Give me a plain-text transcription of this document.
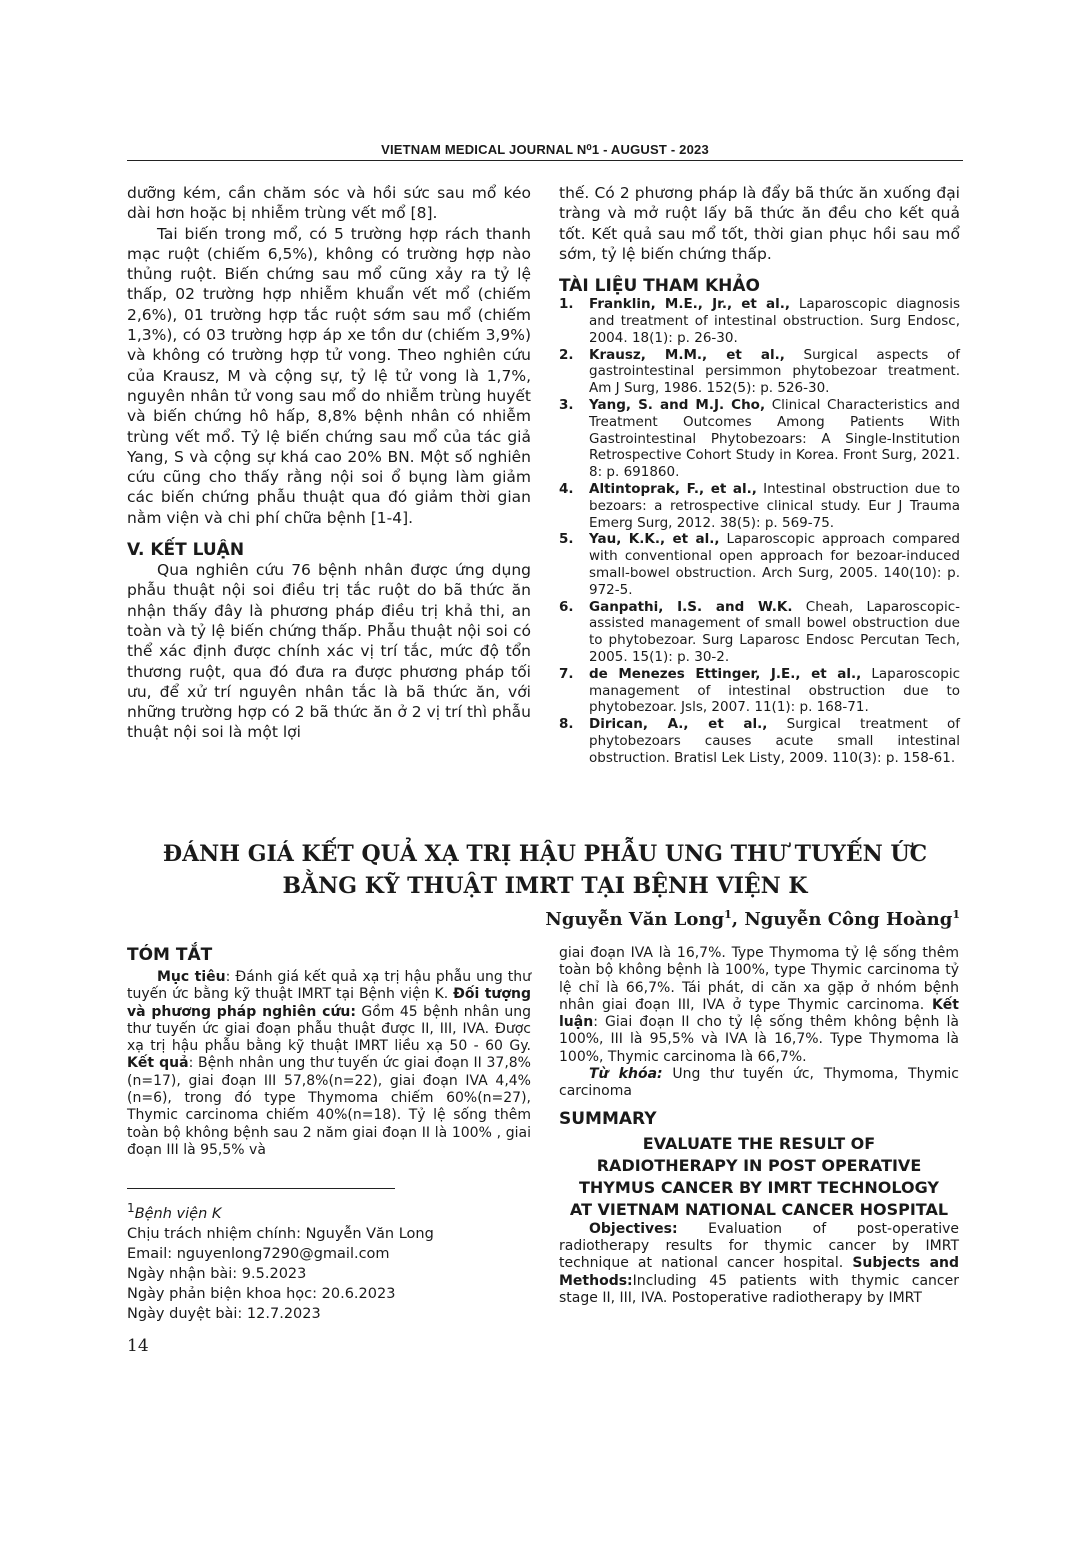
VIETNAM MEDICAL JOURNAL N⁰1 - AUGUST - 2023

dưỡng kém, cần chăm sóc và hồi sức sau mổ kéo dài hơn hoặc bị nhiễm trùng vết mổ [8].

Tai biến trong mổ, có 5 trường hợp rách thanh mạc ruột (chiếm 6,5%), không có trường hợp nào thủng ruột. Biến chứng sau mổ cũng xảy ra tỷ lệ thấp, 02 trường hợp nhiễm khuẩn vết mổ (chiếm 2,6%), 01 trường hợp tắc ruột sớm sau mổ (chiếm 1,3%), có 03 trường hợp áp xe tồn dư (chiếm 3,9%) và không có trường hợp tử vong. Theo nghiên cứu của Krausz, M và cộng sự, tỷ lệ tử vong là 1,7%, nguyên nhân tử vong sau mổ do nhiễm trùng huyết và biến chứng hô hấp, 8,8% bệnh nhân có nhiễm trùng vết mổ. Tỷ lệ biến chứng sau mổ của tác giả Yang, S và cộng sự khá cao 20% BN. Một số nghiên cứu cũng cho thấy rằng nội soi ổ bụng làm giảm các biến chứng phẫu thuật qua đó giảm thời gian nằm viện và chi phí chữa bệnh [1-4].

V. KẾT LUẬN

Qua nghiên cứu 76 bệnh nhân được ứng dụng phẫu thuật nội soi điều trị tắc ruột do bã thức ăn nhận thấy đây là phương pháp điều trị khả thi, an toàn và tỷ lệ biến chứng thấp. Phẫu thuật nội soi có thể xác định được chính xác vị trí tắc, mức độ tổn thương ruột, qua đó đưa ra được phương pháp tối ưu, để xử trí nguyên nhân tắc là bã thức ăn, với những trường hợp có 2 bã thức ăn ở 2 vị trí thì phẫu thuật nội soi là một lợi

thế. Có 2 phương pháp là đẩy bã thức ăn xuống đại tràng và mở ruột lấy bã thức ăn đều cho kết quả tốt. Kết quả sau mổ tốt, thời gian phục hồi sau mổ sớm, tỷ lệ biến chứng thấp.

TÀI LIỆU THAM KHẢO

1. Franklin, M.E., Jr., et al., Laparoscopic diagnosis and treatment of intestinal obstruction. Surg Endosc, 2004. 18(1): p. 26-30.

2. Krausz, M.M., et al., Surgical aspects of gastrointestinal persimmon phytobezoar treatment. Am J Surg, 1986. 152(5): p. 526-30.

3. Yang, S. and M.J. Cho, Clinical Characteristics and Treatment Outcomes Among Patients With Gastrointestinal Phytobezoars: A Single-Institution Retrospective Cohort Study in Korea. Front Surg, 2021. 8: p. 691860.

4. Altintoprak, F., et al., Intestinal obstruction due to bezoars: a retrospective clinical study. Eur J Trauma Emerg Surg, 2012. 38(5): p. 569-75.

5. Yau, K.K., et al., Laparoscopic approach compared with conventional open approach for bezoar-induced small-bowel obstruction. Arch Surg, 2005. 140(10): p. 972-5.

6. Ganpathi, I.S. and W.K. Cheah, Laparoscopic-assisted management of small bowel obstruction due to phytobezoar. Surg Laparosc Endosc Percutan Tech, 2005. 15(1): p. 30-2.

7. de Menezes Ettinger, J.E., et al., Laparoscopic management of intestinal obstruction due to phytobezoar. Jsls, 2007. 11(1): p. 168-71.

8. Dirican, A., et al., Surgical treatment of phytobezoars causes acute small intestinal obstruction. Bratisl Lek Listy, 2009. 110(3): p. 158-61.

ĐÁNH GIÁ KẾT QUẢ XẠ TRỊ HẬU PHẪU UNG THƯ TUYẾN ỨC
BẰNG KỸ THUẬT IMRT TẠI BỆNH VIỆN K
Nguyễn Văn Long$^1$, Nguyễn Công Hoàng$^1$
TÓM TẮT

Mục tiêu: Đánh giá kết quả xạ trị hậu phẫu ung thư tuyến ức bằng kỹ thuật IMRT tại Bệnh viện K. Đối tượng và phương pháp nghiên cứu: Gồm 45 bệnh nhân ung thư tuyến ức giai đoạn phẫu thuật được II, III, IVA. Được xạ trị hậu phẫu bằng kỹ thuật IMRT liều xạ 50 - 60 Gy. Kết quả: Bệnh nhân ung thư tuyến ức giai đoạn II 37,8%(n=17), giai đoạn III 57,8%(n=22), giai đoạn IVA 4,4%(n=6), trong đó type Thymoma chiếm 60%(n=27), Thymic carcinoma chiếm 40%(n=18). Tỷ lệ sống thêm toàn bộ không bệnh sau 2 năm giai đoạn II là 100% , giai đoạn III là 95,5% và

giai đoạn IVA là 16,7%. Type Thymoma tỷ lệ sống thêm toàn bộ không bệnh là 100%, type Thymic carcinoma tỷ lệ chỉ là 66,7%. Tái phát, di căn xa gặp ở nhóm bệnh nhân giai đoạn III, IVA ở type Thymic carcinoma. Kết luận: Giai đoạn II cho tỷ lệ sống thêm không bệnh là 100%, III là 95,5% và IVA là 16,7%. Type Thymoma là 100%, Thymic carcinoma là 66,7%.

Từ khóa: Ung thư tuyến ức, Thymoma, Thymic carcinoma

SUMMARY
EVALUATE THE RESULT OF
RADIOTHERAPY IN POST OPERATIVE
THYMUS CANCER BY IMRT TECHNOLOGY
AT VIETNAM NATIONAL CANCER HOSPITAL

Objectives: Evaluation of post-operative radiotherapy results for thymic cancer by IMRT technique at national cancer hospital. Subjects and Methods:Including 45 patients with thymic cancer stage II, III, IVA. Postoperative radiotherapy by IMRT

$^1$Bệnh viện K

Chịu trách nhiệm chính: Nguyễn Văn Long

Email: nguyenlong7290@gmail.com

Ngày nhận bài: 9.5.2023

Ngày phản biện khoa học: 20.6.2023

Ngày duyệt bài: 12.7.2023

14
